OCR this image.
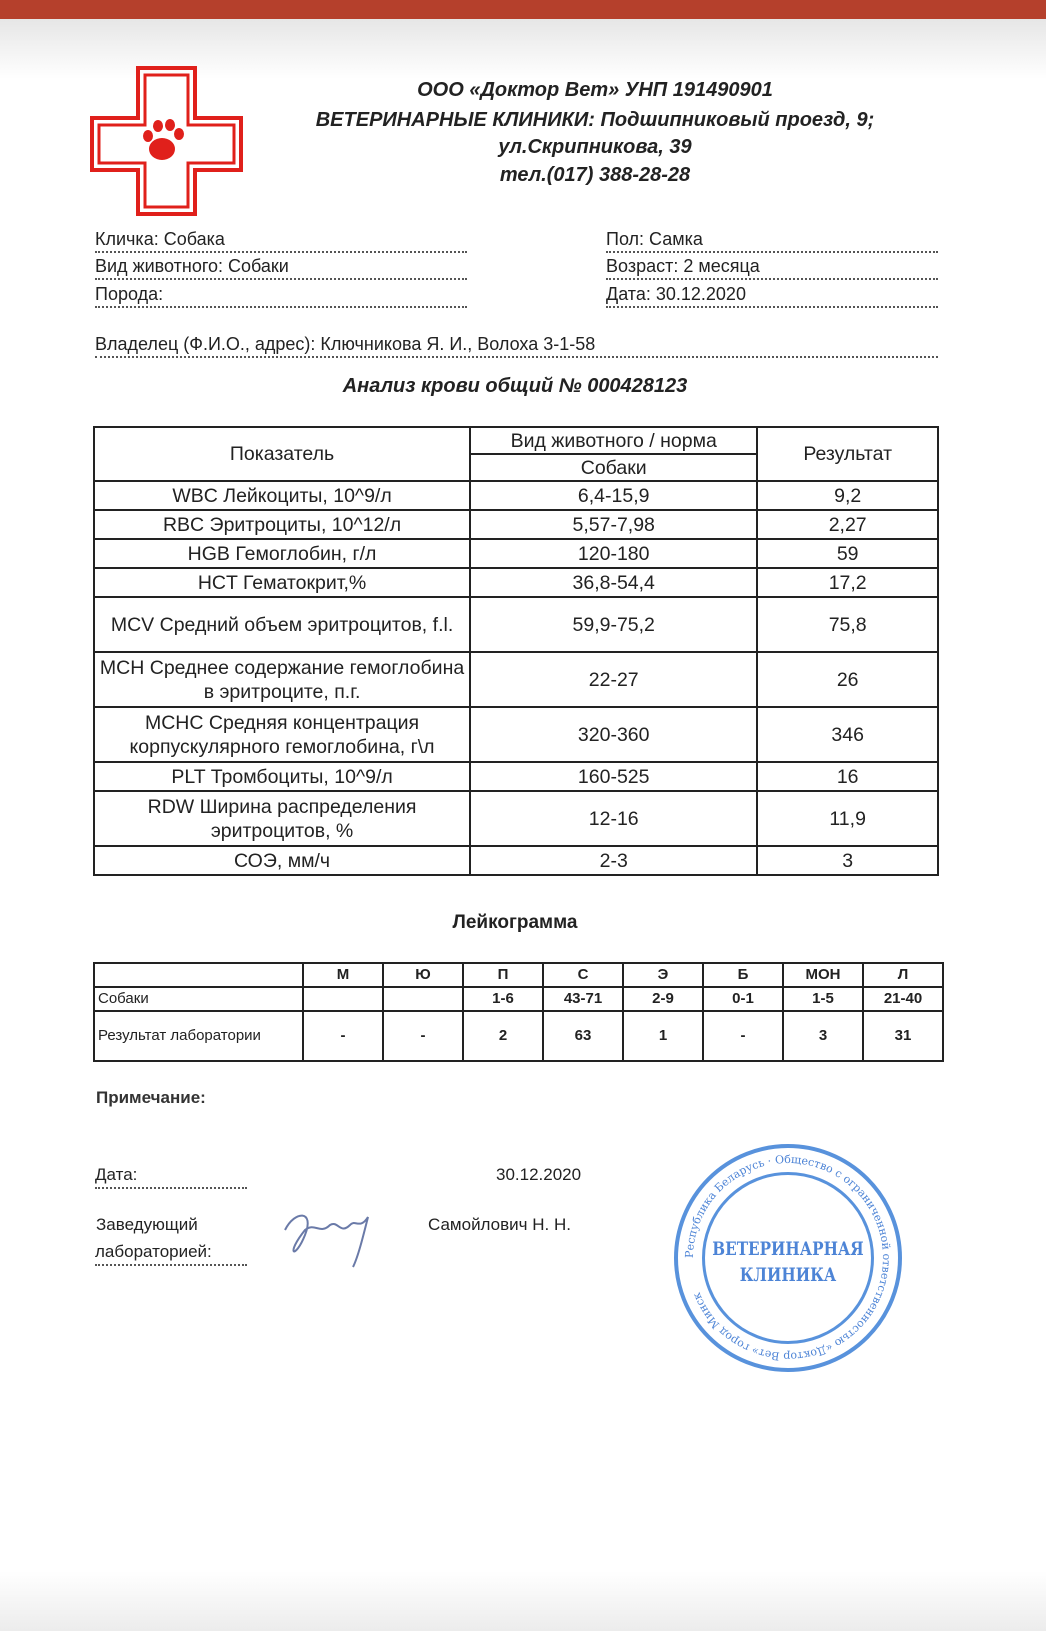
ООО «Доктор Вет» УНП 191490901
ВЕТЕРИНАРНЫЕ КЛИНИКИ: Подшипниковый проезд, 9;
ул.Скрипникова, 39
тел.(017) 388-28-28
Кличка: Собака
Вид животного: Собаки
Порода:
Пол: Самка
Возраст: 2 месяца
Дата: 30.12.2020
Владелец (Ф.И.О., адрес): Ключникова Я. И., Волоха 3-1-58
Анализ крови общий № 000428123
Показатель	Вид животного / норма	Результат
	Собаки	
WBC Лейкоциты, 10^9/л	6,4-15,9	9,2
RBC Эритроциты, 10^12/л	5,57-7,98	2,27
HGB Гемоглобин, г/л	120-180	59
HCT Гематокрит,%	36,8-54,4	17,2
MCV Средний объем эритроцитов, f.l.	59,9-75,2	75,8
MCH Среднее содержание гемоглобина в эритроците, п.г.	22-27	26
MCHC Средняя концентрация корпускулярного гемоглобина, г\л	320-360	346
PLT Тромбоциты, 10^9/л	160-525	16
RDW Ширина распределения эритроцитов, %	12-16	11,9
СОЭ, мм/ч	2-3	3
Лейкограмма
	М	Ю	П	С	Э	Б	МОН	Л
Собаки			1-6	43-71	2-9	0-1	1-5	21-40
Результат лаборатории	-	-	2	63	1	-	3	31
Примечание:
Дата:	30.12.2020
Заведующий
лабораторией:
Самойлович Н. Н.
ВЕТЕРИНАРНАЯ
КЛИНИКА
Республика Беларусь · Общество с ограниченной ответственностью «Доктор Вет» город Минск
